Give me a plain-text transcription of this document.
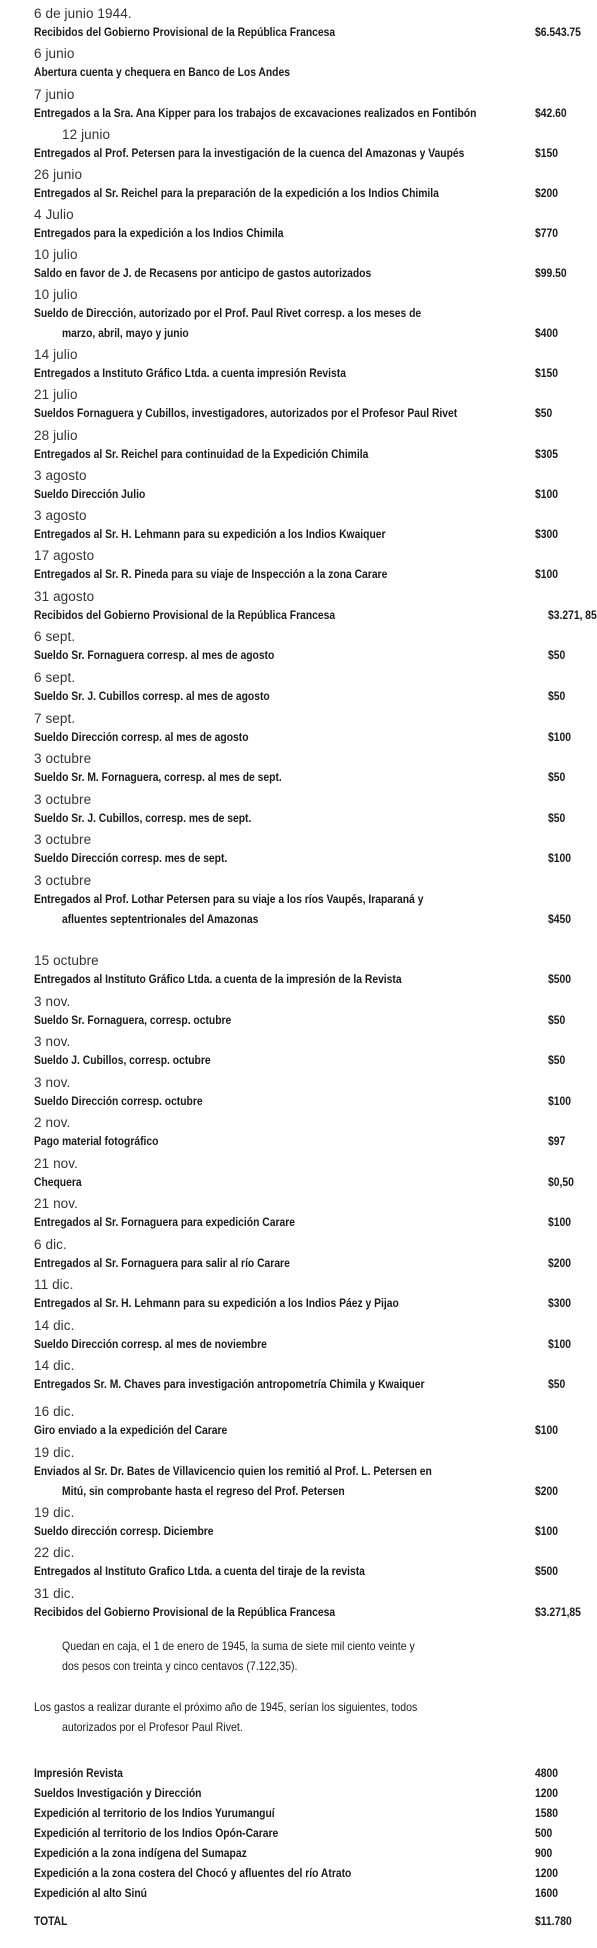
6 de junio 1944.
Recibidos del Gobierno Provisional de la República Francesa	$6.543.75
6 junio
Abertura cuenta y chequera en Banco de Los Andes
7 junio
Entregados a la Sra. Ana Kipper para los trabajos de excavaciones realizados en Fontibón	$42.60
12 junio
Entregados al Prof. Petersen para la investigación de la cuenca del Amazonas y Vaupés	$150
26 junio
Entregados al Sr. Reichel para la preparación de la expedición a los Indios Chimila	$200
4 Julio
Entregados para la expedición a los Indios Chimila	$770
10 julio
Saldo en favor de J. de Recasens por anticipo de gastos autorizados	$99.50
10 julio
Sueldo de Dirección, autorizado por el Prof. Paul Rivet corresp. a los meses de
marzo, abril, mayo y junio	$400
14 julio
Entregados a Instituto Gráfico Ltda. a cuenta impresión Revista	$150
21 julio
Sueldos Fornaguera y Cubillos, investigadores, autorizados por el Profesor Paul Rivet	$50
28 julio
Entregados al Sr. Reichel para continuidad de la Expedición Chimila	$305
3 agosto
Sueldo Dirección Julio	$100
3 agosto
Entregados al Sr. H. Lehmann para su expedición a los Indios Kwaiquer	$300
17 agosto
Entregados al Sr. R. Pineda para su viaje de Inspección a la zona Carare	$100
31 agosto
Recibidos del Gobierno Provisional de la República Francesa	$3.271, 85
6 sept.
Sueldo Sr. Fornaguera corresp. al mes de agosto	$50
6 sept.
Sueldo Sr. J. Cubillos corresp. al mes de agosto	$50
7 sept.
Sueldo Dirección corresp. al mes de agosto	$100
3 octubre
Sueldo Sr. M. Fornaguera, corresp. al mes de sept.	$50
3 octubre
Sueldo Sr. J. Cubillos, corresp. mes de sept.	$50
3 octubre
Sueldo Dirección corresp. mes de sept.	$100
3 octubre
Entregados al Prof. Lothar Petersen para su viaje a los ríos Vaupés, Iraparaná y
afluentes septentrionales del Amazonas	$450
15 octubre
Entregados al Instituto Gráfico Ltda. a cuenta de la impresión de la Revista	$500
3 nov.
Sueldo Sr. Fornaguera, corresp. octubre	$50
3 nov.
Sueldo J. Cubillos, corresp. octubre	$50
3 nov.
Sueldo Dirección corresp. octubre	$100
2 nov.
Pago material fotográfico	$97
21 nov.
Chequera	$0,50
21 nov.
Entregados al Sr. Fornaguera para expedición Carare	$100
6 dic.
Entregados al Sr. Fornaguera para salir al río Carare	$200
11 dic.
Entregados al Sr. H. Lehmann para su expedición a los Indios Páez y Pijao	$300
14 dic.
Sueldo Dirección corresp. al mes de noviembre	$100
14 dic.
Entregados Sr. M. Chaves para investigación antropometría Chimila y Kwaiquer	$50
16 dic.
Giro enviado a la expedición del Carare	$100
19 dic.
Enviados al Sr. Dr. Bates de Villavicencio quien los remitió al Prof. L. Petersen en
Mitú, sin comprobante hasta el regreso del Prof. Petersen	$200
19 dic.
Sueldo dirección corresp. Diciembre	$100
22 dic.
Entregados al Instituto Grafico Ltda. a cuenta del tiraje de la revista	$500
31 dic.
Recibidos del Gobierno Provisional de la República Francesa	$3.271,85
Quedan en caja, el 1 de enero de 1945, la suma de siete mil ciento veinte y
dos pesos con treinta y cinco centavos (7.122,35).
Los gastos a realizar durante el próximo año de 1945, serían los siguientes, todos
autorizados por el Profesor Paul Rivet.
Impresión Revista	4800
Sueldos Investigación y Dirección	1200
Expedición al territorio de los Indios Yurumanguí	1580
Expedición al territorio de los Indios Opón-Carare	500
Expedición a la zona indígena del Sumapaz	900
Expedición a la zona costera del Chocó y afluentes del río Atrato	1200
Expedición al alto Sinú	1600
TOTAL	$11.780
